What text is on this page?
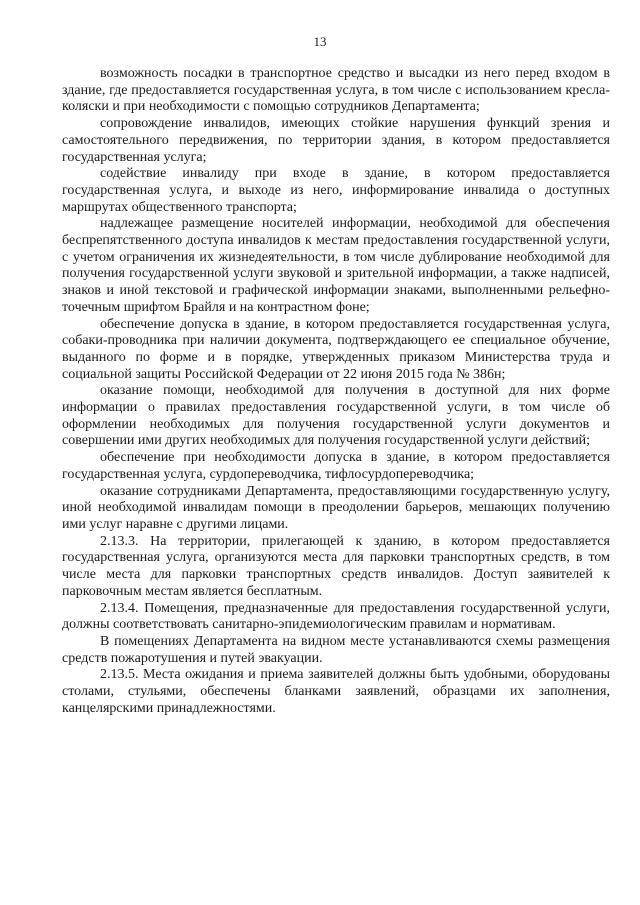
13

возможность посадки в транспортное средство и высадки из него перед входом в здание, где предоставляется государственная услуга, в том числе с использованием кресла-коляски и при необходимости с помощью сотрудников Департамента;

сопровождение инвалидов, имеющих стойкие нарушения функций зрения и самостоятельного передвижения, по территории здания, в котором предоставляется государственная услуга;

содействие инвалиду при входе в здание, в котором предоставляется государственная услуга, и выходе из него, информирование инвалида о доступных маршрутах общественного транспорта;

надлежащее размещение носителей информации, необходимой для обеспечения беспрепятственного доступа инвалидов к местам предоставления государственной услуги, с учетом ограничения их жизнедеятельности, в том числе дублирование необходимой для получения государственной услуги звуковой и зрительной информации, а также надписей, знаков и иной текстовой и графической информации знаками, выполненными рельефно-точечным шрифтом Брайля и на контрастном фоне;

обеспечение допуска в здание, в котором предоставляется государственная услуга, собаки-проводника при наличии документа, подтверждающего ее специальное обучение, выданного по форме и в порядке, утвержденных приказом Министерства труда и социальной защиты Российской Федерации от 22 июня 2015 года № 386н;

оказание помощи, необходимой для получения в доступной для них форме информации о правилах предоставления государственной услуги, в том числе об оформлении необходимых для получения государственной услуги документов и совершении ими других необходимых для получения государственной услуги действий;

обеспечение при необходимости допуска в здание, в котором предоставляется государственная услуга, сурдопереводчика, тифлосурдопереводчика;

оказание сотрудниками Департамента, предоставляющими государственную услугу, иной необходимой инвалидам помощи в преодолении барьеров, мешающих получению ими услуг наравне с другими лицами.

2.13.3. На территории, прилегающей к зданию, в котором предоставляется государственная услуга, организуются места для парковки транспортных средств, в том числе места для парковки транспортных средств инвалидов. Доступ заявителей к парковочным местам является бесплатным.

2.13.4. Помещения, предназначенные для предоставления государственной услуги, должны соответствовать санитарно-эпидемиологическим правилам и нормативам.

В помещениях Департамента на видном месте устанавливаются схемы размещения средств пожаротушения и путей эвакуации.

2.13.5. Места ожидания и приема заявителей должны быть удобными, оборудованы столами, стульями, обеспечены бланками заявлений, образцами их заполнения, канцелярскими принадлежностями.
